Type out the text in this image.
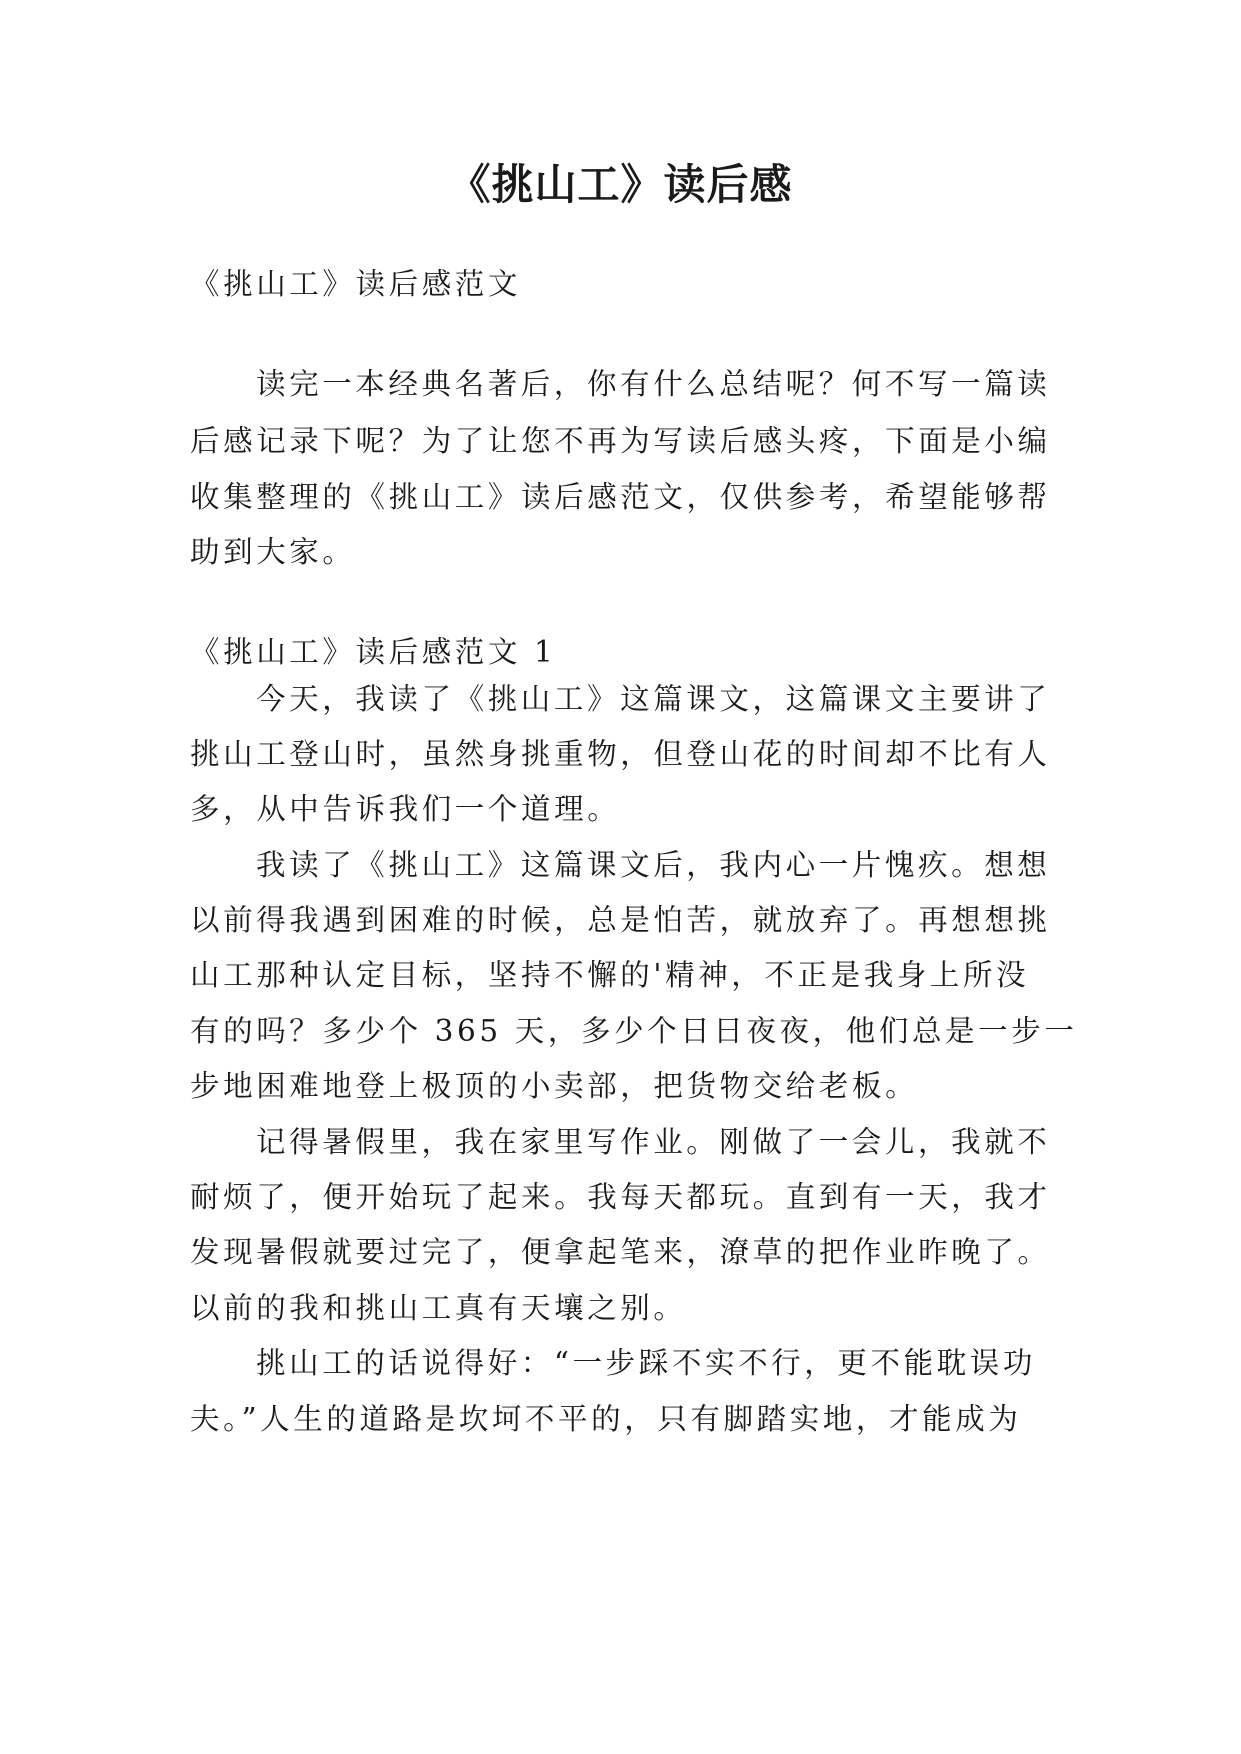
《挑山工》读后感

《挑山工》读后感范文

读完一本经典名著后，你有什么总结呢？何不写一篇读

后感记录下呢？为了让您不再为写读后感头疼，下面是小编

收集整理的《挑山工》读后感范文，仅供参考，希望能够帮

助到大家。

《挑山工》读后感范文 1

今天，我读了《挑山工》这篇课文，这篇课文主要讲了

挑山工登山时，虽然身挑重物，但登山花的时间却不比有人

多，从中告诉我们一个道理。

我读了《挑山工》这篇课文后，我内心一片愧疚。想想

以前得我遇到困难的时候，总是怕苦，就放弃了。再想想挑

山工那种认定目标，坚持不懈的'精神，不正是我身上所没

有的吗？多少个 365 天，多少个日日夜夜，他们总是一步一

步地困难地登上极顶的小卖部，把货物交给老板。

记得暑假里，我在家里写作业。刚做了一会儿，我就不

耐烦了，便开始玩了起来。我每天都玩。直到有一天，我才

发现暑假就要过完了，便拿起笔来，潦草的把作业昨晚了。

以前的我和挑山工真有天壤之别。

挑山工的话说得好：“一步踩不实不行，更不能耽误功

夫。”人生的道路是坎坷不平的，只有脚踏实地，才能成为
